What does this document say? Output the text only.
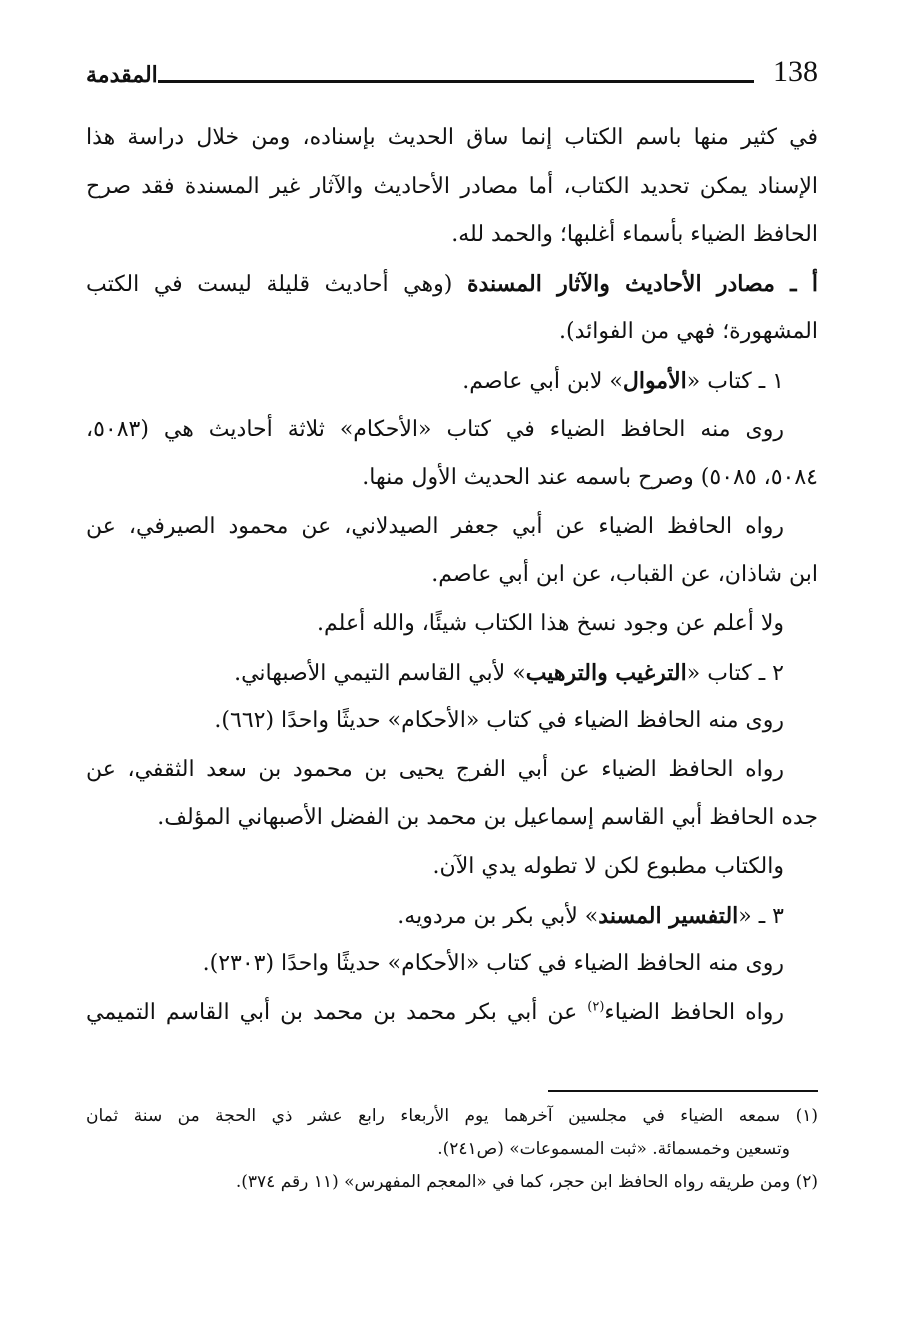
138
المقدمة
في كثير منها باسم الكتاب إنما ساق الحديث بإسناده، ومن خلال دراسة هذا
الإسناد يمكن تحديد الكتاب، أما مصادر الأحاديث والآثار غير المسندة فقد صرح
الحافظ الضياء بأسماء أغلبها؛ والحمد لله.
أ ـ مصادر الأحاديث والآثار المسندة (وهي أحاديث قليلة ليست في الكتب
المشهورة؛ فهي من الفوائد).
١ ـ كتاب «الأموال» لابن أبي عاصم.
روى منه الحافظ الضياء في كتاب «الأحكام» ثلاثة أحاديث هي (٥٠٨٣،
٥٠٨٤، ٥٠٨٥) وصرح باسمه عند الحديث الأول منها.
رواه الحافظ الضياء عن أبي جعفر الصيدلاني، عن محمود الصيرفي، عن
ابن شاذان، عن القباب، عن ابن أبي عاصم.
ولا أعلم عن وجود نسخ هذا الكتاب شيئًا، والله أعلم.
٢ ـ كتاب «الترغيب والترهيب» لأبي القاسم التيمي الأصبهاني.
روى منه الحافظ الضياء في كتاب «الأحكام» حديثًا واحدًا (٦٦٢).
رواه الحافظ الضياء عن أبي الفرج يحيى بن محمود بن سعد الثقفي، عن
جده الحافظ أبي القاسم إسماعيل بن محمد بن الفضل الأصبهاني المؤلف.
والكتاب مطبوع لكن لا تطوله يدي الآن.
٣ ـ «التفسير المسند» لأبي بكر بن مردويه.
روى منه الحافظ الضياء في كتاب «الأحكام» حديثًا واحدًا (٢٣٠٣).
رواه الحافظ الضياء$^{(٢)}$ عن أبي بكر محمد بن محمد بن أبي القاسم التميمي
(١) سمعه الضياء في مجلسين آخرهما يوم الأربعاء رابع عشر ذي الحجة من سنة ثمان
وتسعين وخمسمائة. «ثبت المسموعات» (ص٢٤١).
(٢) ومن طريقه رواه الحافظ ابن حجر، كما في «المعجم المفهرس» (١١ رقم ٣٧٤).
